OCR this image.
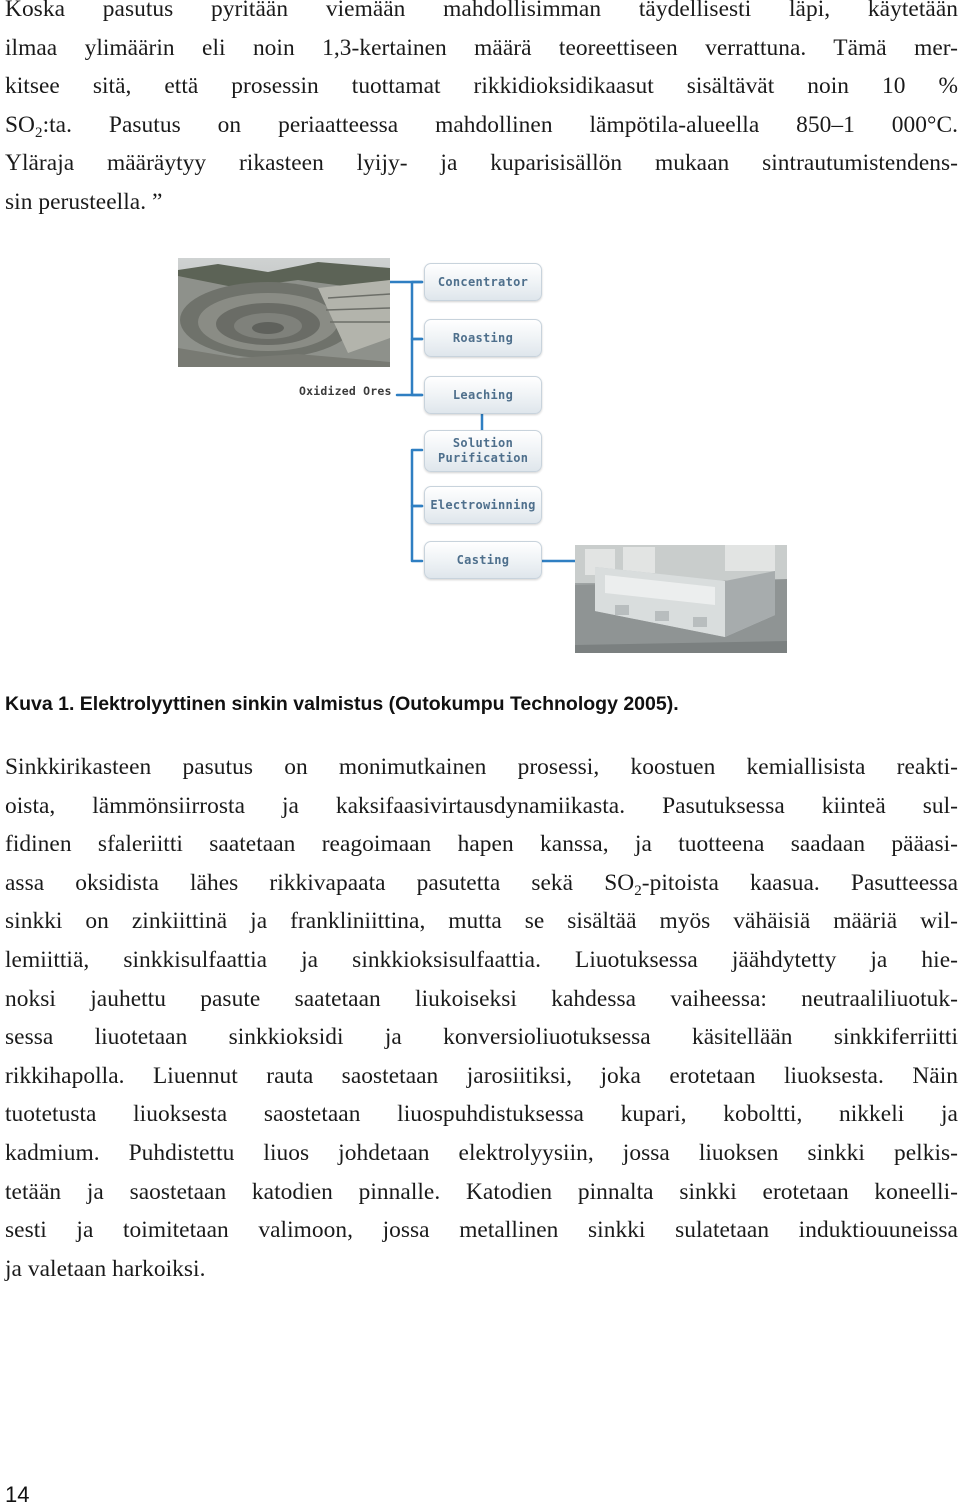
Koska pasutus pyritään viemään mahdollisimman täydellisesti läpi, käytetään
ilmaa ylimäärin eli noin 1,3-kertainen määrä teoreettiseen verrattuna. Tämä mer-
kitsee sitä, että prosessin tuottamat rikkidioksidikaasut sisältävät noin 10 %
$SO_2:ta$. Pasutus on periaatteessa mahdollinen lämpötila-alueella 850–1 000°C.
Yläraja määräytyy rikasteen lyijy- ja kuparisisällön mukaan sintrautumistendens-
sin perusteella. ”
Concentrator
Roasting
Leaching
Solution Purification
Electrowinning
Casting
Oxidized Ores

Kuva 1. Elektrolyyttinen sinkin valmistus (Outokumpu Technology 2005).

Sinkkirikasteen pasutus on monimutkainen prosessi, koostuen kemiallisista reakti-
oista, lämmönsiirrosta ja kaksifaasivirtausdynamiikasta. Pasutuksessa kiinteä sul-
fidinen sfaleriitti saatetaan reagoimaan hapen kanssa, ja tuotteena saadaan pääasi-
assa oksidista lähes rikkivapaata pasutetta sekä $SO_2$-pitoista kaasua. Pasutteessa
sinkki on zinkiittinä ja frankliniittina, mutta se sisältää myös vähäisiä määriä wil-
lemiittiä, sinkkisulfaattia ja sinkkioksisulfaattia. Liuotuksessa jäähdytetty ja hie-
noksi jauhettu pasute saatetaan liukoiseksi kahdessa vaiheessa: neutraaliliuotuk-
sessa liuotetaan sinkkioksidi ja konversioliuotuksessa käsitellään sinkkiferriitti
rikkihapolla. Liuennut rauta saostetaan jarosiitiksi, joka erotetaan liuoksesta. Näin
tuotetusta liuoksesta saostetaan liuospuhdistuksessa kupari, koboltti, nikkeli ja
kadmium. Puhdistettu liuos johdetaan elektrolyysiin, jossa liuoksen sinkki pelkis-
tetään ja saostetaan katodien pinnalle. Katodien pinnalta sinkki erotetaan koneelli-
sesti ja toimitetaan valimoon, jossa metallinen sinkki sulatetaan induktiouuneissa
ja valetaan harkoiksi.

14
